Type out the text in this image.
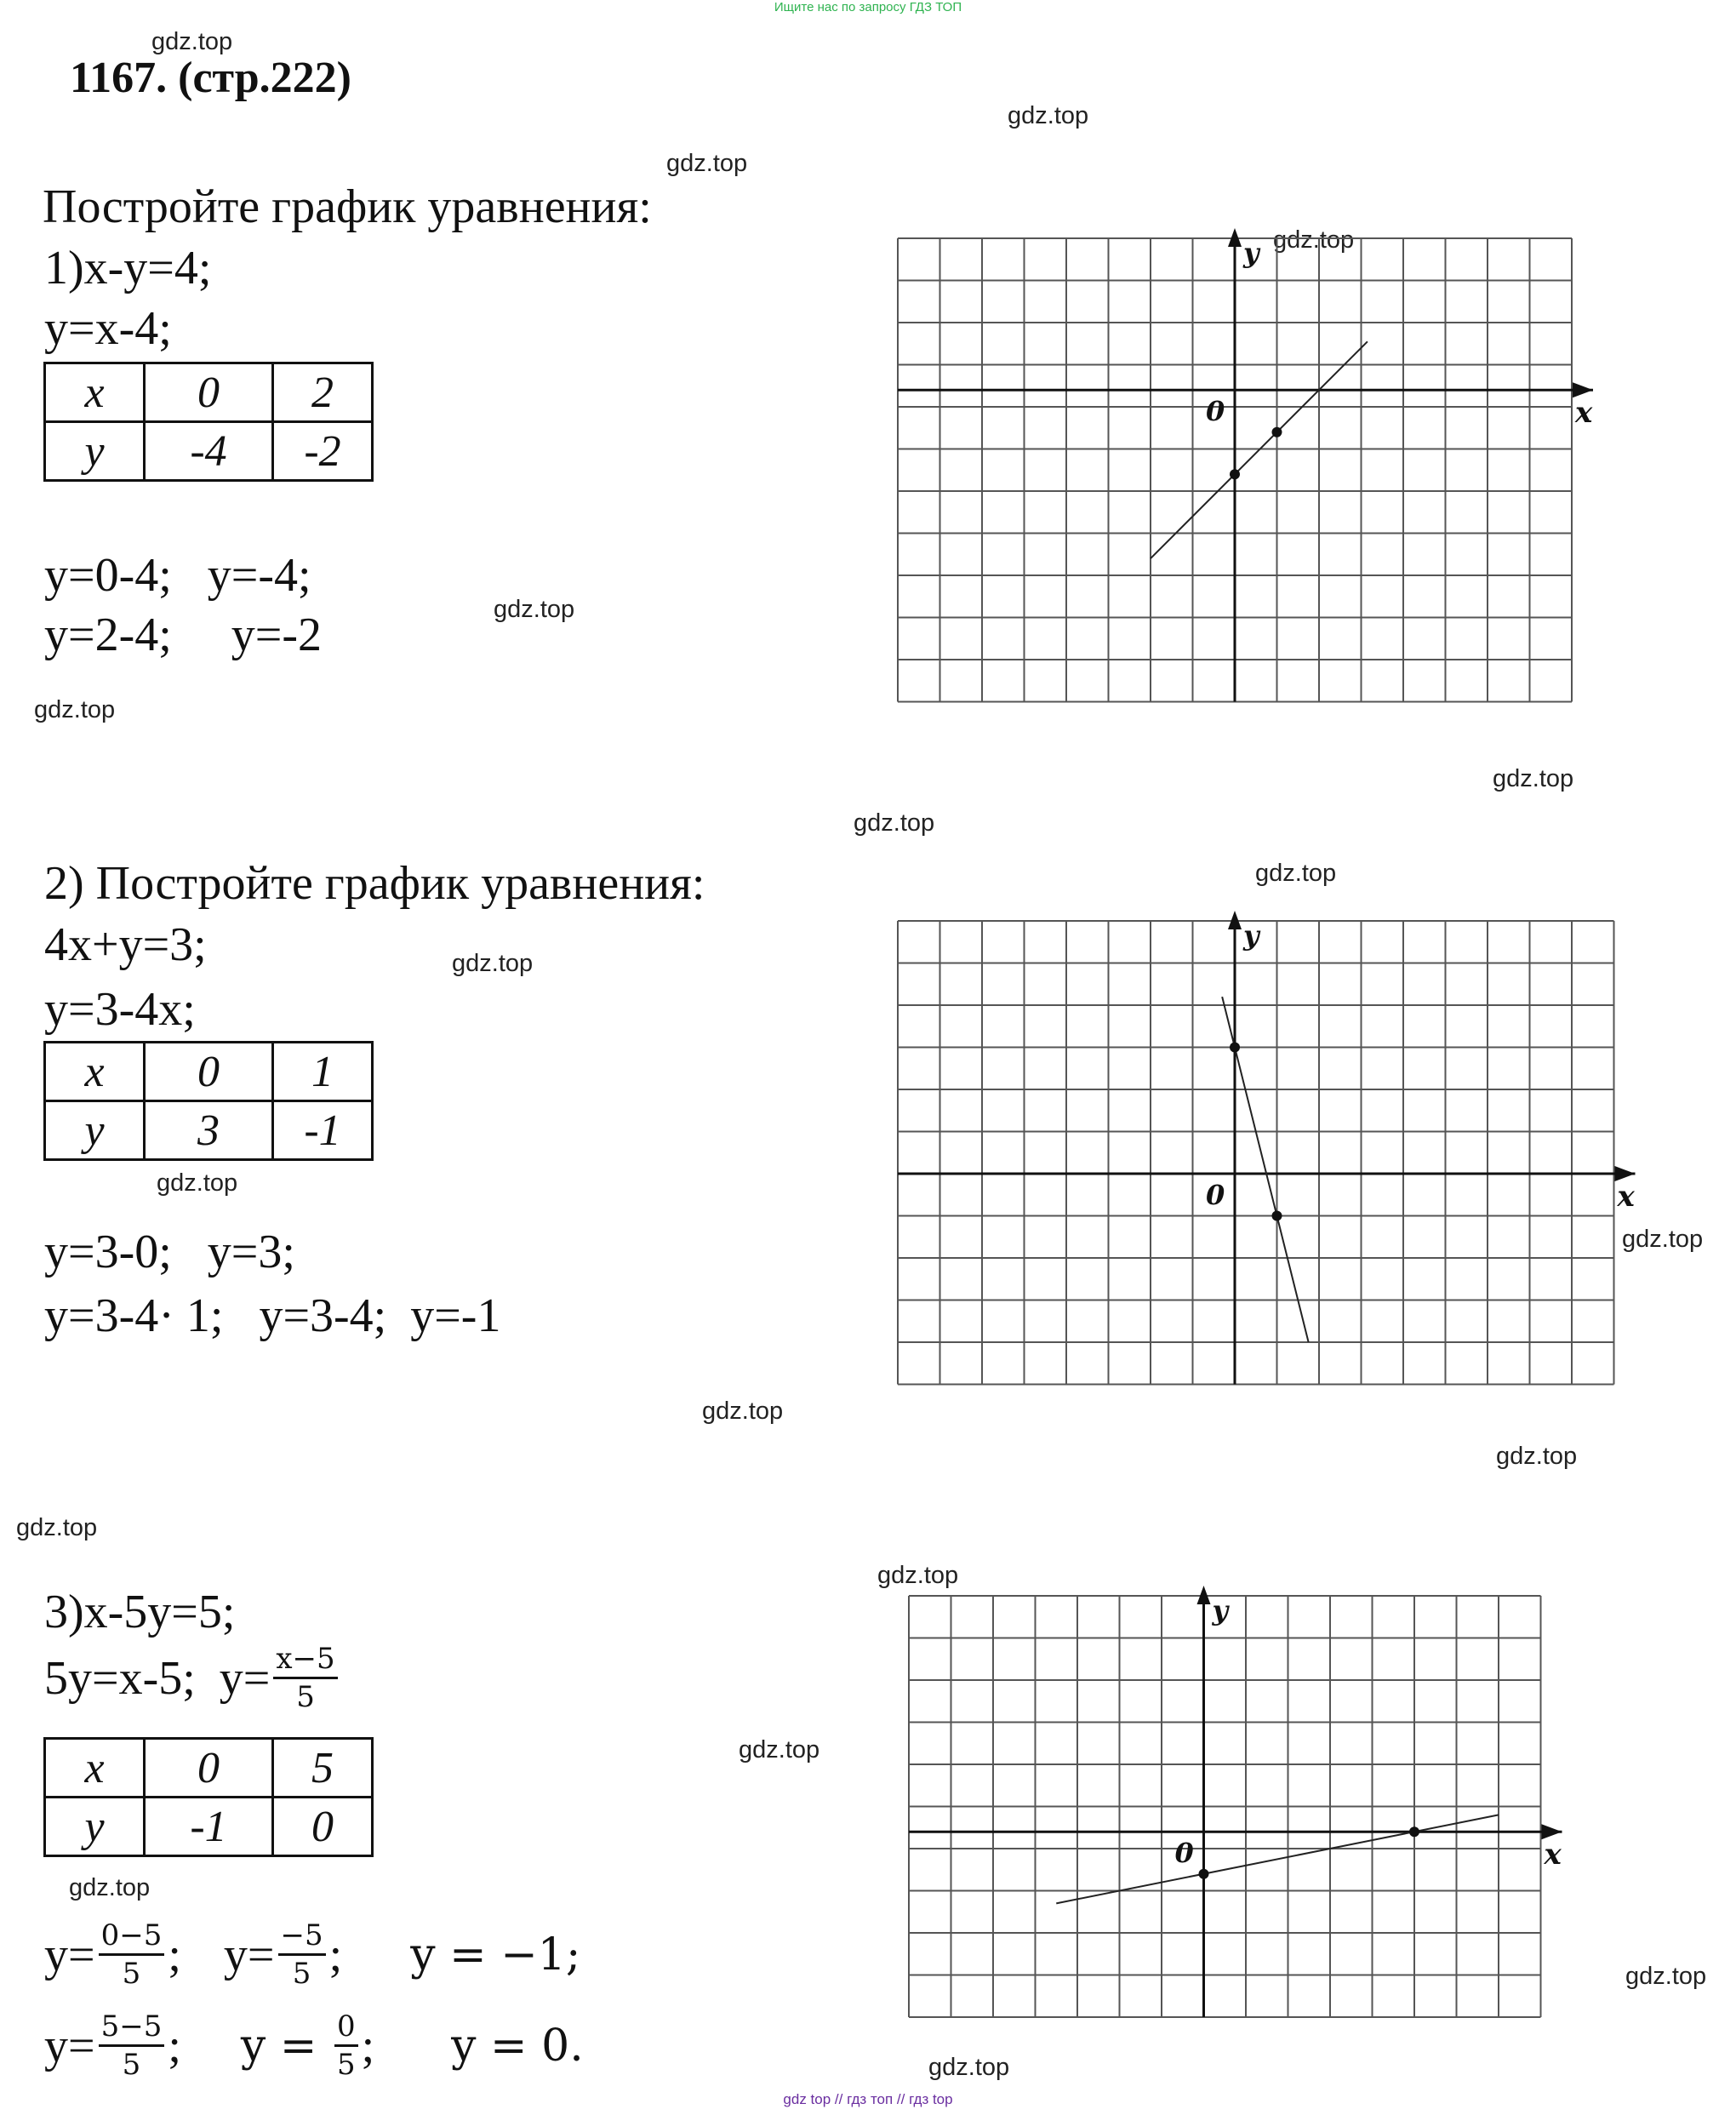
Ищите нас по запросу ГДЗ ТОП
1167. (стр.222)
gdz.top
gdz.top
gdz.top
gdz.top
gdz.top
gdz.top
gdz.top
gdz.top
gdz.top
gdz.top
gdz.top
gdz.top
gdz.top
gdz.top
gdz.top
gdz.top
gdz.top
gdz.top
gdz.top
gdz.top
Постройте график уравнения:
1)x-y=4;
y=x-4;
x	0	2
y	-4	-2
y=0-4;   y=-4;
y=2-4;     y=-2
2) Постройте график уравнения:
4x+y=3;
y=3-4x;
x	0	1
y	3	-1
y=3-0;   y=3;
y=3-4· 1;   y=3-4;  y=-1
3)x-5y=5;
5y=x-5;  $y= \frac{x-5}{5}$
x	0	5
y	-1	0
$y= \frac{0-5}{5}$ ; $y= \frac{-5}{5}$ ; y = −1;
$y= \frac{5-5}{5}$ ; $y = \frac{0}{5}$ ; y = 0.
x
y
0
x
y
0
x
y
0
gdz top // гдз топ // гдз top
